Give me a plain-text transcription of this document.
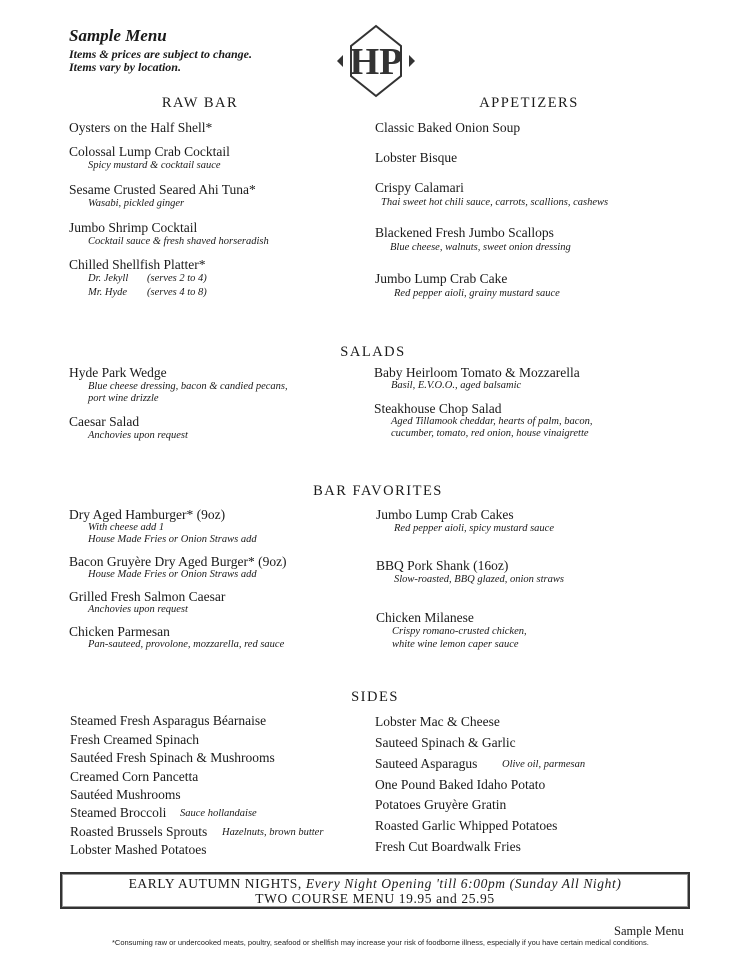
Sample Menu
Items & prices are subject to change.
Items vary by location.	HP
RAW BAR	APPETIZERS
Oysters on the Half Shell*
Colossal Lump Crab Cocktail
Spicy mustard & cocktail sauce
Sesame Crusted Seared Ahi Tuna*
Wasabi, pickled ginger
Jumbo Shrimp Cocktail
Cocktail sauce & fresh shaved horseradish
Chilled Shellfish Platter*
Dr. Jekyll (serves 2 to 4)
Mr. Hyde (serves 4 to 8)
Classic Baked Onion Soup
Lobster Bisque
Crispy Calamari
Thai sweet hot chili sauce, carrots, scallions, cashews
Blackened Fresh Jumbo Scallops
Blue cheese, walnuts, sweet onion dressing
Jumbo Lump Crab Cake
Red pepper aioli, grainy mustard sauce
SALADS
Hyde Park Wedge
Blue cheese dressing, bacon & candied pecans,
port wine drizzle
Caesar Salad
Anchovies upon request
Baby Heirloom Tomato & Mozzarella
Basil, E.V.O.O., aged balsamic
Steakhouse Chop Salad
Aged Tillamook cheddar, hearts of palm, bacon,
cucumber, tomato, red onion, house vinaigrette
BAR FAVORITES
Dry Aged Hamburger* (9oz)
With cheese add 1
House Made Fries or Onion Straws add
Bacon Gruyère Dry Aged Burger* (9oz)
House Made Fries or Onion Straws add
Grilled Fresh Salmon Caesar
Anchovies upon request
Chicken Parmesan
Pan-sauteed, provolone, mozzarella, red sauce
Jumbo Lump Crab Cakes
Red pepper aioli, spicy mustard sauce
BBQ Pork Shank (16oz)
Slow-roasted, BBQ glazed, onion straws
Chicken Milanese
Crispy romano-crusted chicken,
white wine lemon caper sauce
SIDES
Steamed Fresh Asparagus Béarnaise
Fresh Creamed Spinach
Sautéed Fresh Spinach & Mushrooms
Creamed Corn Pancetta
Sautéed Mushrooms
Steamed Broccoli Sauce hollandaise
Roasted Brussels Sprouts Hazelnuts, brown butter
Lobster Mashed Potatoes
Lobster Mac & Cheese
Sauteed Spinach & Garlic
Sauteed Asparagus Olive oil, parmesan
One Pound Baked Idaho Potato
Potatoes Gruyère Gratin
Roasted Garlic Whipped Potatoes
Fresh Cut Boardwalk Fries
EARLY AUTUMN NIGHTS, Every Night Opening 'till 6:00pm (Sunday All Night)
TWO COURSE MENU 19.95 and 25.95
Sample Menu
*Consuming raw or undercooked meats, poultry, seafood or shellfish may increase your risk of foodborne illness, especially if you have certain medical conditions.
